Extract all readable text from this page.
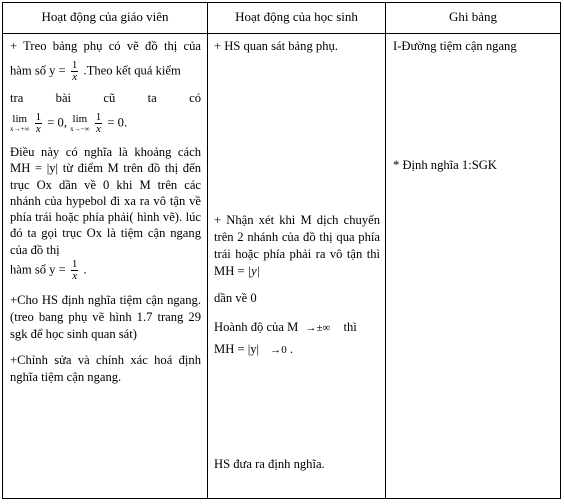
Hoạt động của giáo viên	Hoạt động của học sinh	Ghi bảng
+ Treo bảng phụ có vẽ đồ thị của
hàm số $y = \frac{1}{x}$ .Theo kết quả kiểm
tra bài cũ ta có
lim
x→+∞
$\frac{1}{x} = 0$, lim
x→−∞
$\frac{1}{x} = 0$.
Điều này có nghĩa là khoảng cách MH = |y| từ điểm M trên đồ thị đến trục Ox dần về 0 khi M trên các nhánh của hypebol đi xa ra vô tận về phía trái hoặc phía phải( hình vẽ). lúc đó ta gọi trục Ox là tiệm cận ngang của đồ thị
hàm số $y = \frac{1}{x}$ .
+Cho HS định nghĩa tiệm cận ngang.(treo bang phụ vẽ hình 1.7 trang 29 sgk để học sinh quan sát)
+Chỉnh sửa và chính xác hoá định nghĩa tiệm cận ngang.
+ HS quan sát bảng phụ.
+ Nhận xét khi M dịch chuyển trên 2 nhánh của đồ thị qua phía trái hoặc phía phải ra vô tận thì MH = |y|
dần về 0
Hoành độ của M →±∞ thì
MH = |y| →0 .
HS đưa ra định nghĩa.
I-Đường tiệm cận ngang
* Định nghĩa 1:SGK
